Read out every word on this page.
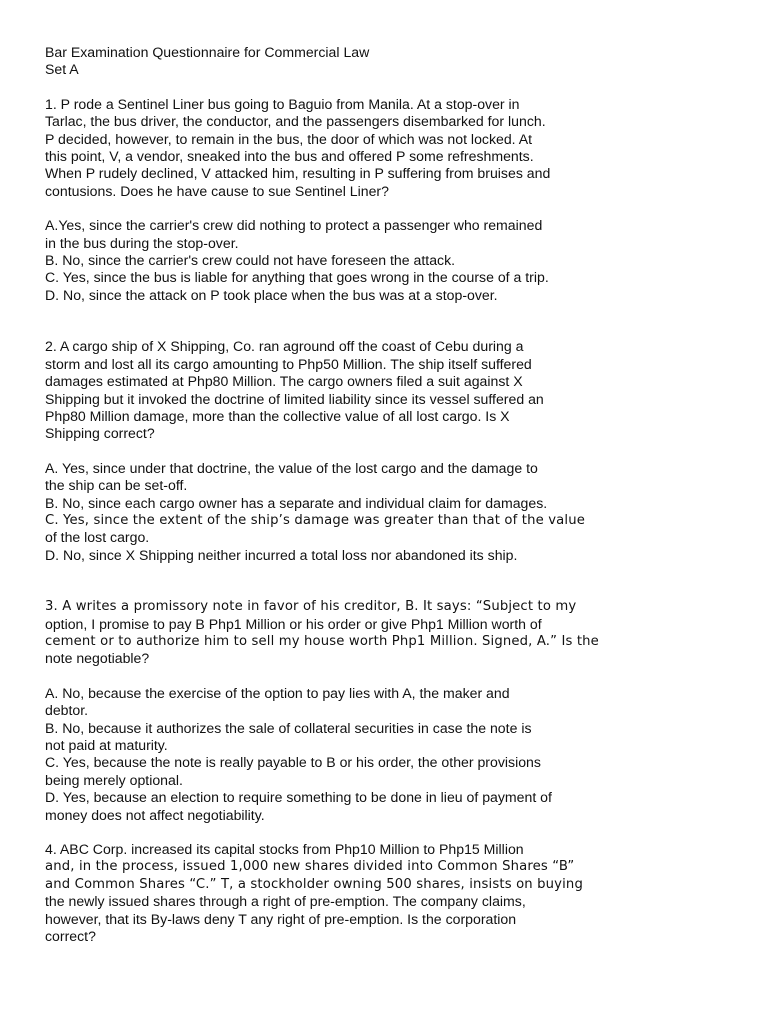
Bar Examination Questionnaire for Commercial Law
Set A
1. P rode a Sentinel Liner bus going to Baguio from Manila. At a stop-over in
Tarlac, the bus driver, the conductor, and the passengers disembarked for lunch.
P decided, however, to remain in the bus, the door of which was not locked. At
this point, V, a vendor, sneaked into the bus and offered P some refreshments.
When P rudely declined, V attacked him, resulting in P suffering from bruises and
contusions. Does he have cause to sue Sentinel Liner?
A.Yes, since the carrier's crew did nothing to protect a passenger who remained
in the bus during the stop-over.
B. No, since the carrier's crew could not have foreseen the attack.
C. Yes, since the bus is liable for anything that goes wrong in the course of a trip.
D. No, since the attack on P took place when the bus was at a stop-over.
2. A cargo ship of X Shipping, Co. ran aground off the coast of Cebu during a
storm and lost all its cargo amounting to Php50 Million. The ship itself suffered
damages estimated at Php80 Million. The cargo owners filed a suit against X
Shipping but it invoked the doctrine of limited liability since its vessel suffered an
Php80 Million damage, more than the collective value of all lost cargo. Is X
Shipping correct?
A. Yes, since under that doctrine, the value of the lost cargo and the damage to
the ship can be set-off.
B. No, since each cargo owner has a separate and individual claim for damages.
C. Yes, since the extent of the ship’s damage was greater than that of the value
of the lost cargo.
D. No, since X Shipping neither incurred a total loss nor abandoned its ship.
3. A writes a promissory note in favor of his creditor, B. It says: “Subject to my
option, I promise to pay B Php1 Million or his order or give Php1 Million worth of
cement or to authorize him to sell my house worth Php1 Million. Signed, A.” Is the
note negotiable?
A. No, because the exercise of the option to pay lies with A, the maker and
debtor.
B. No, because it authorizes the sale of collateral securities in case the note is
not paid at maturity.
C. Yes, because the note is really payable to B or his order, the other provisions
being merely optional.
D. Yes, because an election to require something to be done in lieu of payment of
money does not affect negotiability.
4. ABC Corp. increased its capital stocks from Php10 Million to Php15 Million
and, in the process, issued 1,000 new shares divided into Common Shares “B”
and Common Shares “C.” T, a stockholder owning 500 shares, insists on buying
the newly issued shares through a right of pre-emption. The company claims,
however, that its By-laws deny T any right of pre-emption. Is the corporation
correct?
